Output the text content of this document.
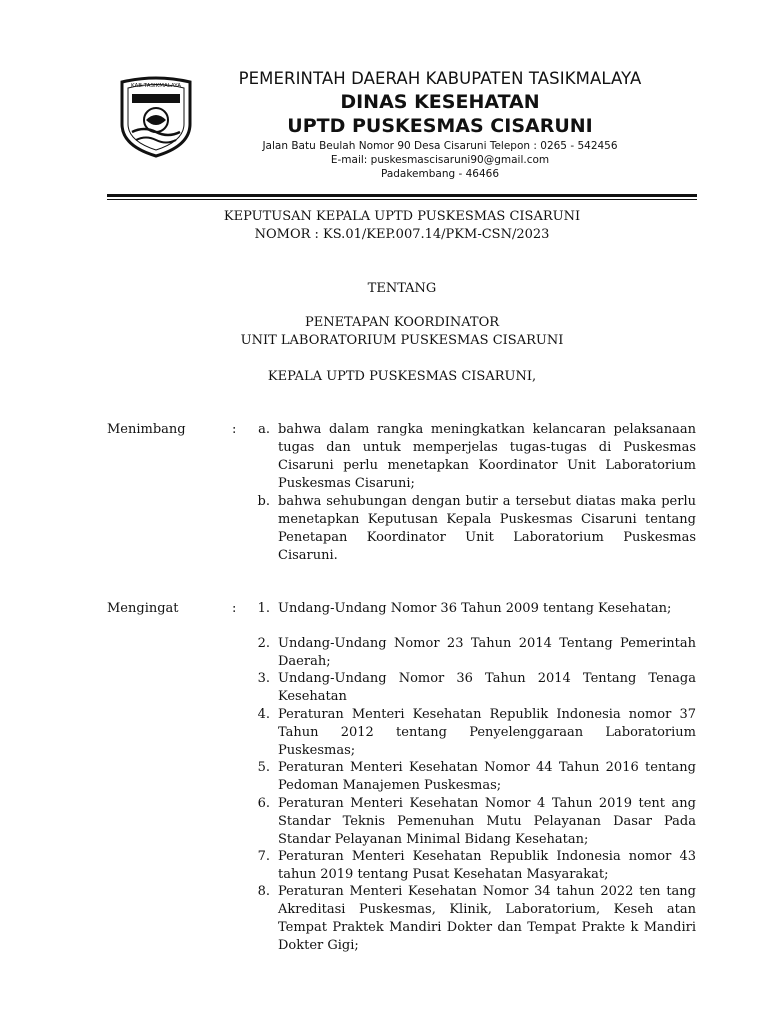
KAB.TASIKMALAYA	PEMERINTAH DAERAH KABUPATEN TASIKMALAYA
DINAS KESEHATAN
UPTD PUSKESMAS CISARUNI
Jalan Batu Beulah Nomor 90 Desa Cisaruni Telepon : 0265 - 542456
E-mail: puskesmascisaruni90@gmail.com
Padakembang - 46466
KEPUTUSAN KEPALA UPTD PUSKESMAS CISARUNI
NOMOR : KS.01/KEP.007.14/PKM-CSN/2023
TENTANG
PENETAPAN KOORDINATOR
UNIT LABORATORIUM PUSKESMAS CISARUNI
KEPALA UPTD PUSKESMAS CISARUNI,
Menimbang	:	a. bahwa dalam rangka meningkatkan kelancaran pelaksanaan tugas dan untuk memperjelas tugas-tugas di Puskesmas Cisaruni perlu menetapkan Koordinator Unit Laboratorium Puskesmas Cisaruni;
b. bahwa sehubungan dengan butir a tersebut diatas maka perlu menetapkan Keputusan Kepala Puskesmas Cisaruni tentang Penetapan Koordinator Unit Laboratorium Puskesmas Cisaruni.
Mengingat	:	1. Undang-Undang Nomor 36 Tahun 2009 tentang Kesehatan;
2. Undang-Undang Nomor 23 Tahun 2014 Tentang Pemerintah Daerah;
3. Undang-Undang Nomor 36 Tahun 2014 Tentang Tenaga Kesehatan
4. Peraturan Menteri Kesehatan Republik Indonesia nomor 37 Tahun 2012 tentang Penyelenggaraan Laboratorium Puskesmas;
5. Peraturan Menteri Kesehatan Nomor 44 Tahun 2016 tentang Pedoman Manajemen Puskesmas;
6. Peraturan Menteri Kesehatan Nomor 4 Tahun 2019 tent ang Standar Teknis Pemenuhan Mutu Pelayanan Dasar Pada Standar Pelayanan Minimal Bidang Kesehatan;
7. Peraturan Menteri Kesehatan Republik Indonesia nomor 43 tahun 2019 tentang Pusat Kesehatan Masyarakat;
8. Peraturan Menteri Kesehatan Nomor 34 tahun 2022 ten tang Akreditasi Puskesmas, Klinik, Laboratorium, Keseh atan Tempat Praktek Mandiri Dokter dan Tempat Prakte k Mandiri Dokter Gigi;
